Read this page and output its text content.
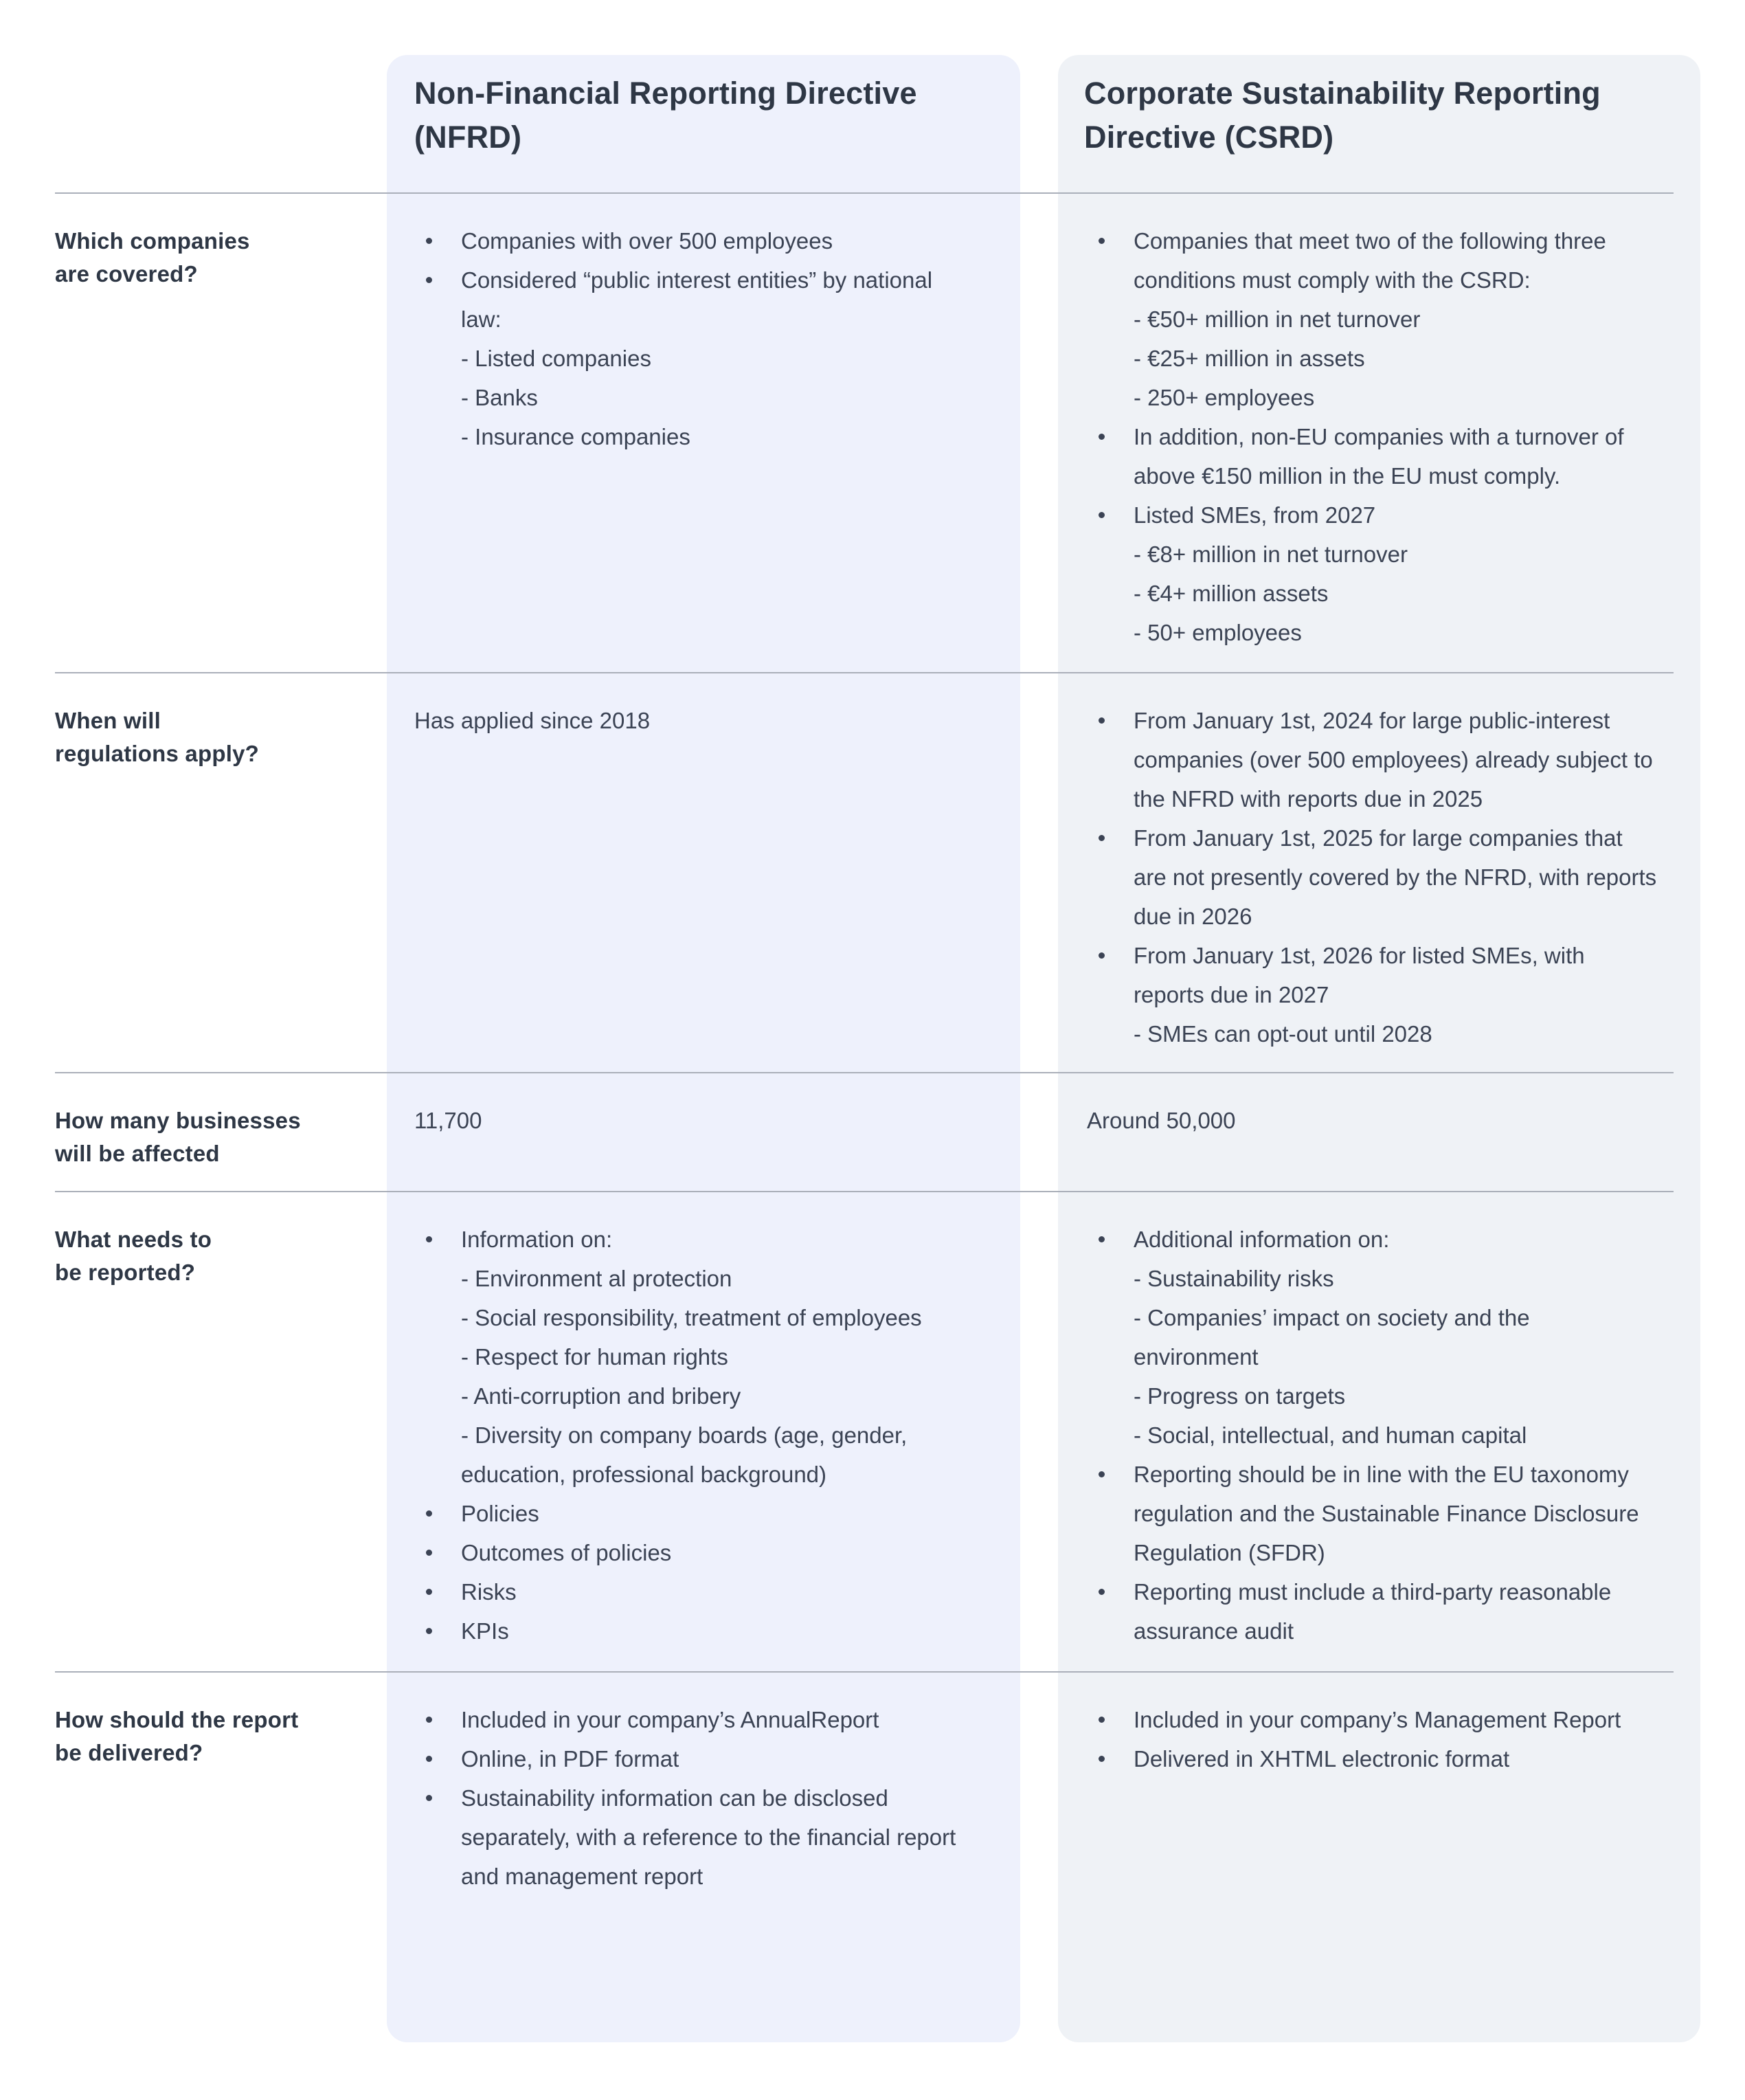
Non-Financial Reporting Directive (NFRD)
Corporate Sustainability Reporting Directive (CSRD)
Which companies
are covered?
Companies with over 500 employees
Considered “public interest entities” by national law:
- Listed companies
- Banks
- Insurance companies
Companies that meet two of the following three conditions must comply with the CSRD:
- €50+ million in net turnover
- €25+ million in assets
- 250+ employees
In addition, non-EU companies with a turnover of above €150 million in the EU must comply.
Listed SMEs, from 2027
- €8+ million in net turnover
- €4+ million assets
- 50+ employees
When will
regulations apply?
Has applied since 2018	From January 1st, 2024 for large public-interest companies (over 500 employees) already subject to the NFRD with reports due in 2025
From January 1st, 2025 for large companies that are not presently covered by the NFRD, with reports due in 2026
From January 1st, 2026 for listed SMEs, with reports due in 2027
- SMEs can opt-out until 2028
How many businesses
will be affected
11,700	Around 50,000
What needs to
be reported?
Information on:
- Environment al protection
- Social responsibility, treatment of employees
- Respect for human rights
- Anti-corruption and bribery
- Diversity on company boards (age, gender, education, professional background)
Policies
Outcomes of policies
Risks
KPIs
Additional information on:
- Sustainability risks
- Companies’ impact on society and the environment
- Progress on targets
- Social, intellectual, and human capital
Reporting should be in line with the EU taxonomy regulation and the Sustainable Finance Disclosure Regulation (SFDR)
Reporting must include a third-party reasonable assurance audit
How should the report
be delivered?
Included in your company’s AnnualReport
Online, in PDF format
Sustainability information can be disclosed separately, with a reference to the financial report and management report
Included in your company’s Management Report
Delivered in XHTML electronic format
